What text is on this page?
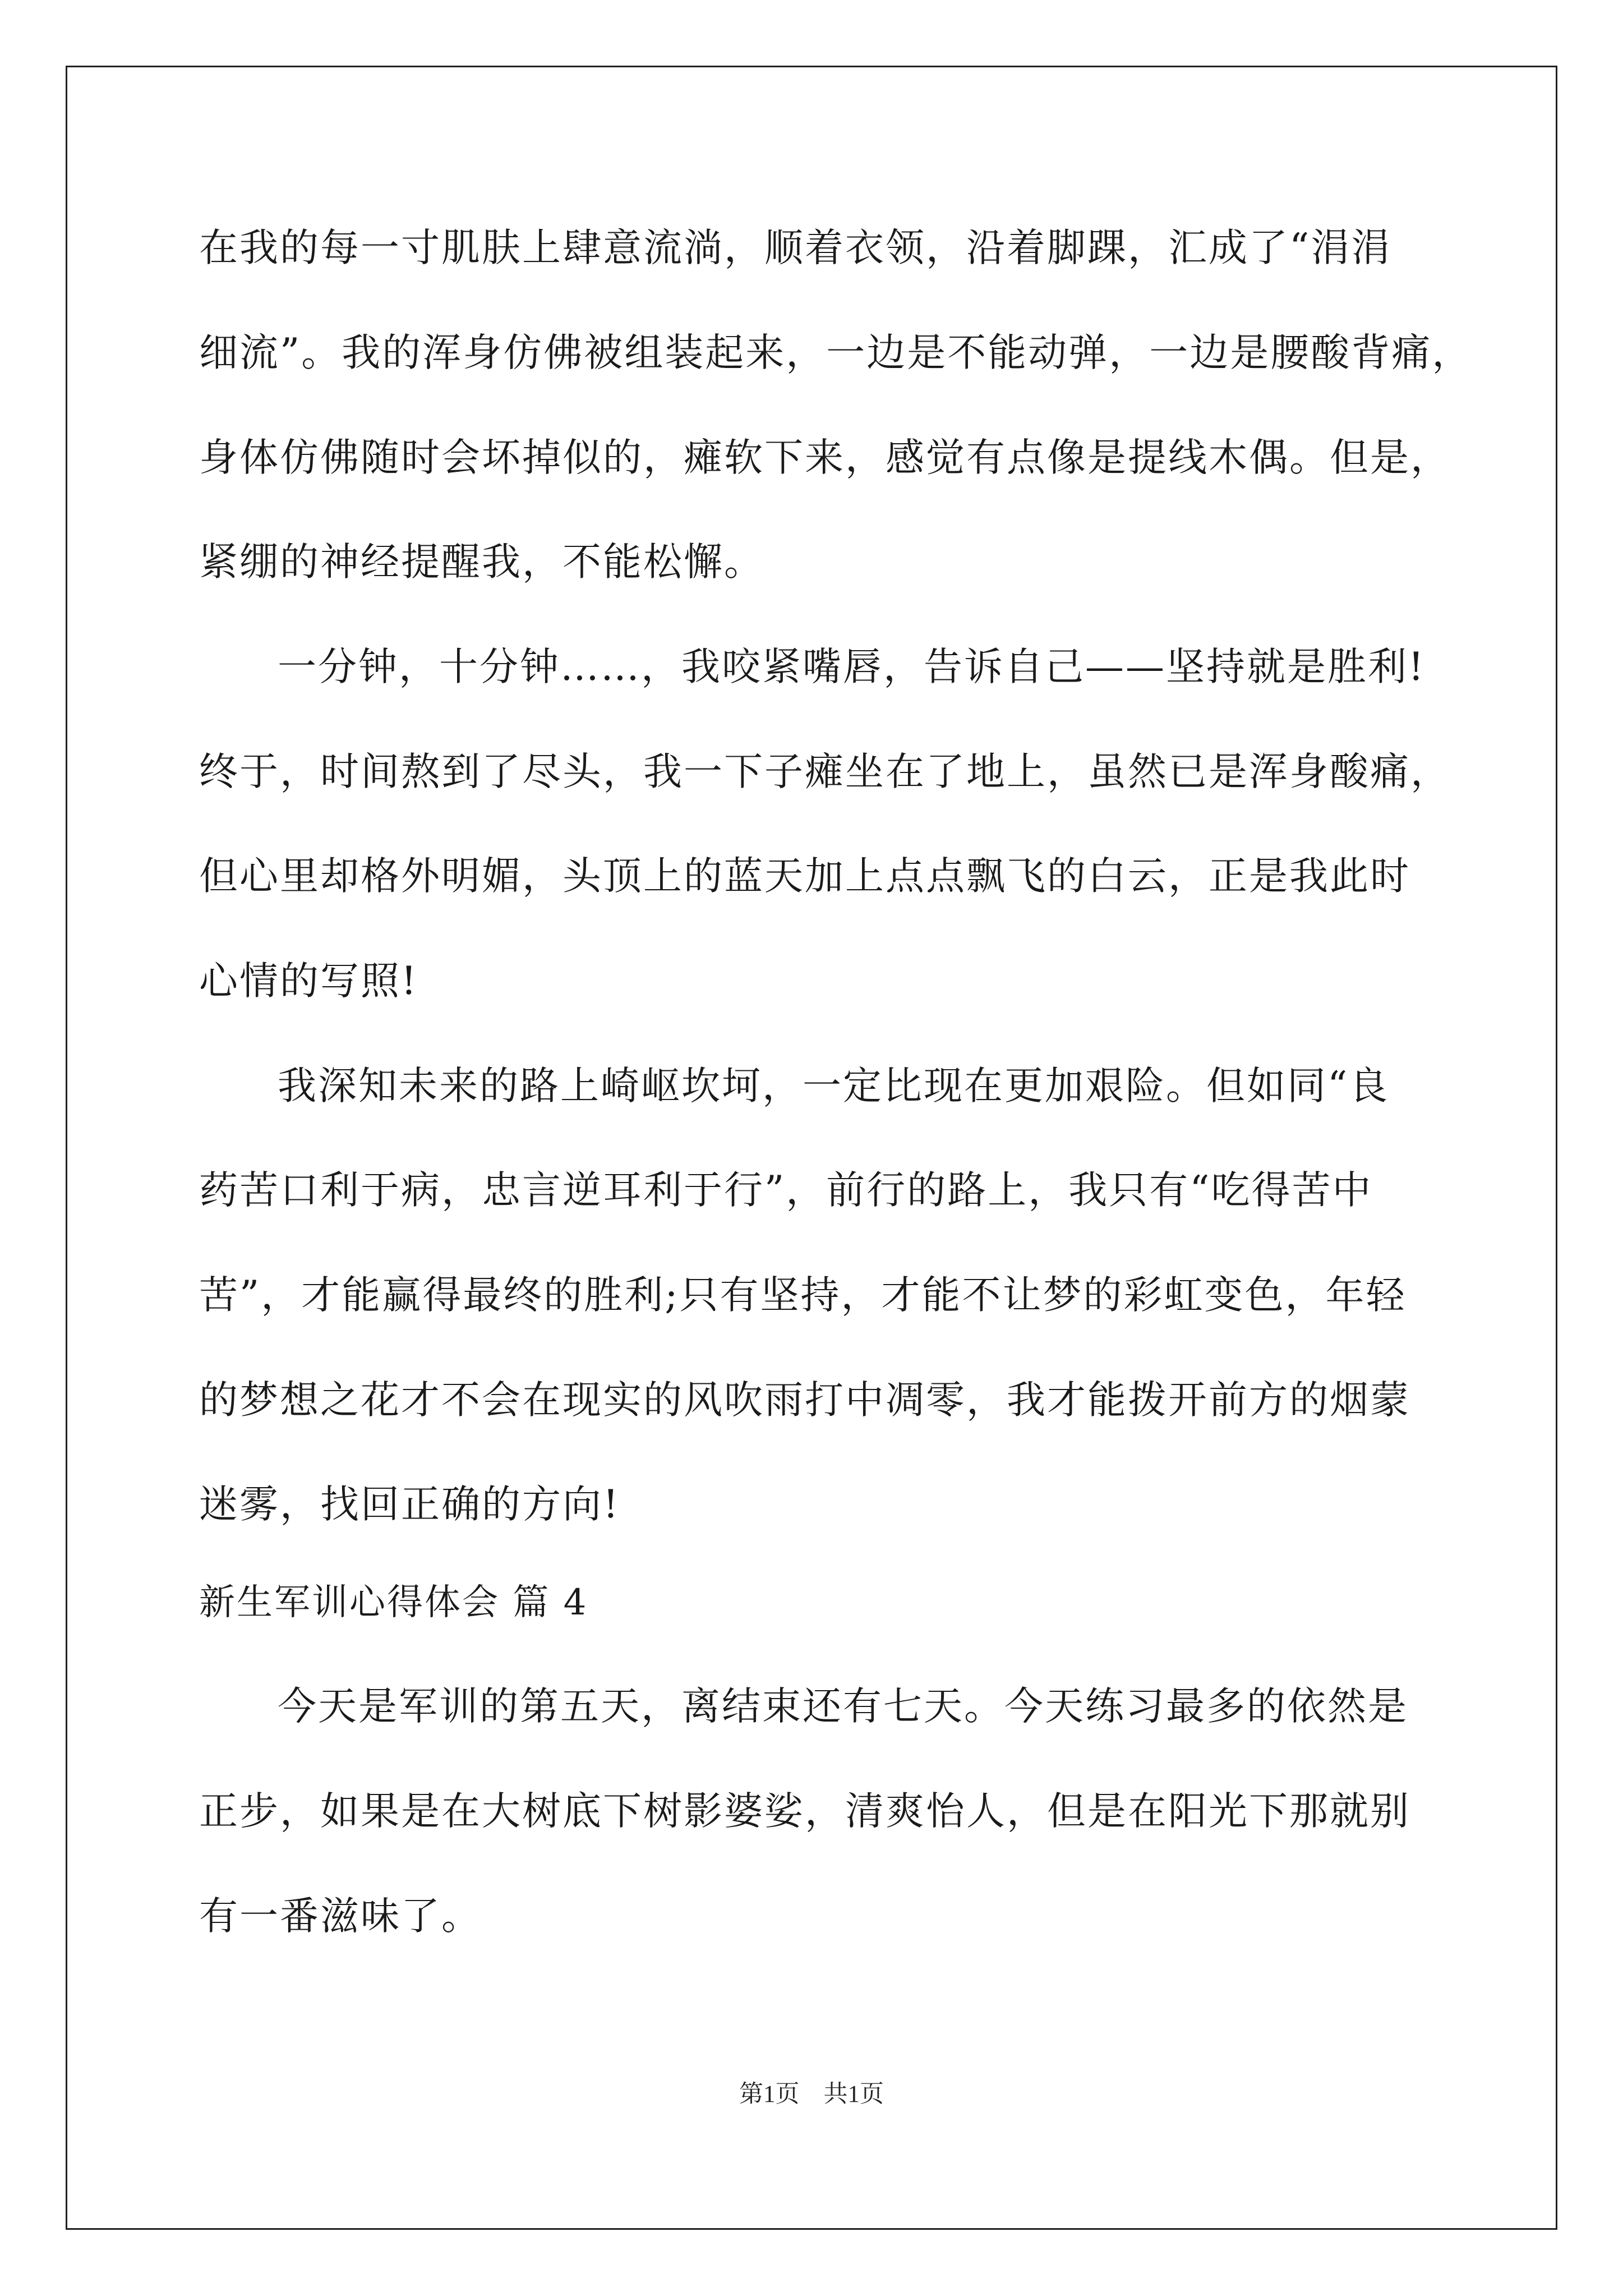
在我的每一寸肌肤上肆意流淌，顺着衣领，沿着脚踝，汇成了“涓涓
细流”。我的浑身仿佛被组装起来，一边是不能动弹，一边是腰酸背痛，
身体仿佛随时会坏掉似的，瘫软下来，感觉有点像是提线木偶。但是，
紧绷的神经提醒我，不能松懈。
一分钟，十分钟……，我咬紧嘴唇，告诉自己——坚持就是胜利!
终于，时间熬到了尽头，我一下子瘫坐在了地上，虽然已是浑身酸痛，
但心里却格外明媚，头顶上的蓝天加上点点飘飞的白云，正是我此时
心情的写照!
我深知未来的路上崎岖坎坷，一定比现在更加艰险。但如同“良
药苦口利于病，忠言逆耳利于行”，前行的路上，我只有“吃得苦中
苦”，才能赢得最终的胜利;只有坚持，才能不让梦的彩虹变色，年轻
的梦想之花才不会在现实的风吹雨打中凋零，我才能拨开前方的烟蒙
迷雾，找回正确的方向!
新生军训心得体会 篇 4
今天是军训的第五天，离结束还有七天。今天练习最多的依然是
正步，如果是在大树底下树影婆娑，清爽怡人，但是在阳光下那就别
有一番滋味了。
第1页　共1页
